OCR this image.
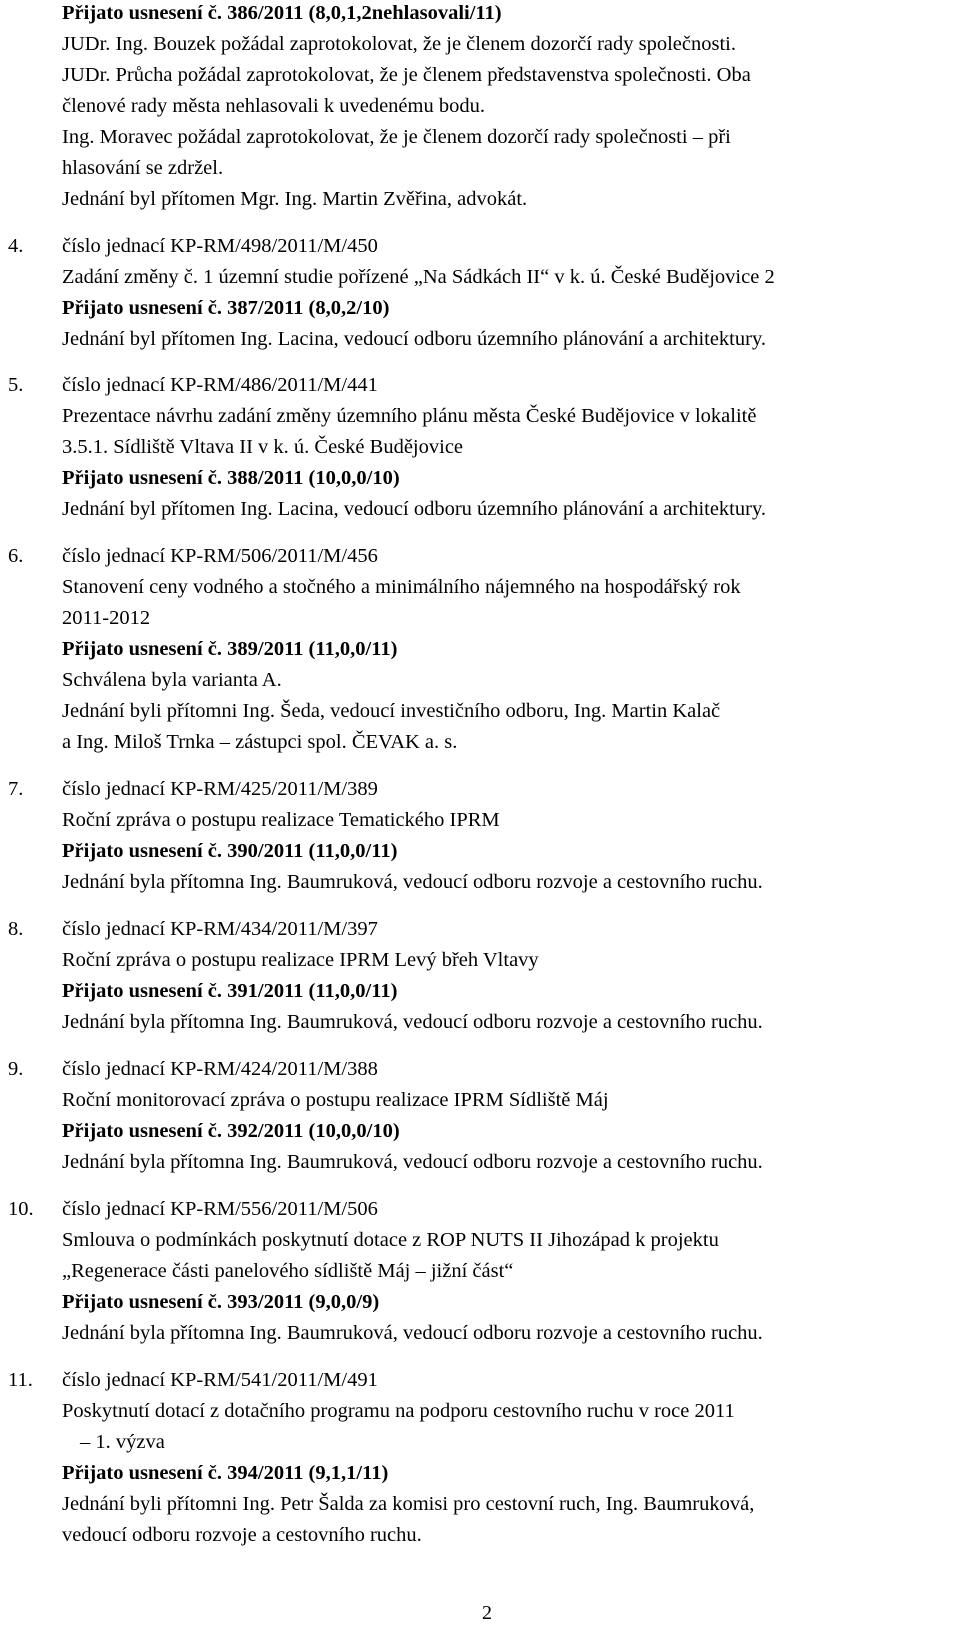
Přijato usnesení č. 386/2011 (8,0,1,2nehlasovali/11)
JUDr. Ing. Bouzek požádal zaprotokolovat, že je členem dozorčí rady společnosti.
JUDr. Průcha požádal zaprotokolovat, že je členem představenstva společnosti. Oba
členové rady města nehlasovali k uvedenému bodu.
Ing. Moravec požádal zaprotokolovat, že je členem dozorčí rady společnosti – při
hlasování se zdržel.
Jednání byl přítomen Mgr. Ing. Martin Zvěřina, advokát.
4. číslo jednací KP-RM/498/2011/M/450
Zadání změny č. 1 územní studie pořízené „Na Sádkách II“ v k. ú. České Budějovice 2
Přijato usnesení č. 387/2011 (8,0,2/10)
Jednání byl přítomen Ing. Lacina, vedoucí odboru územního plánování a architektury.
5. číslo jednací KP-RM/486/2011/M/441
Prezentace návrhu zadání změny územního plánu města České Budějovice v lokalitě
3.5.1. Sídliště Vltava II v k. ú. České Budějovice
Přijato usnesení č. 388/2011 (10,0,0/10)
Jednání byl přítomen Ing. Lacina, vedoucí odboru územního plánování a architektury.
6. číslo jednací KP-RM/506/2011/M/456
Stanovení ceny vodného a stočného a minimálního nájemného na hospodářský rok
2011-2012
Přijato usnesení č. 389/2011 (11,0,0/11)
Schválena byla varianta A.
Jednání byli přítomni Ing. Šeda, vedoucí investičního odboru, Ing. Martin Kalač
a Ing. Miloš Trnka – zástupci spol. ČEVAK a. s.
7. číslo jednací KP-RM/425/2011/M/389
Roční zpráva o postupu realizace Tematického IPRM
Přijato usnesení č. 390/2011 (11,0,0/11)
Jednání byla přítomna Ing. Baumruková, vedoucí odboru rozvoje a cestovního ruchu.
8. číslo jednací KP-RM/434/2011/M/397
Roční zpráva o postupu realizace IPRM Levý břeh Vltavy
Přijato usnesení č. 391/2011 (11,0,0/11)
Jednání byla přítomna Ing. Baumruková, vedoucí odboru rozvoje a cestovního ruchu.
9. číslo jednací KP-RM/424/2011/M/388
Roční monitorovací zpráva o postupu realizace IPRM Sídliště Máj
Přijato usnesení č. 392/2011 (10,0,0/10)
Jednání byla přítomna Ing. Baumruková, vedoucí odboru rozvoje a cestovního ruchu.
10. číslo jednací KP-RM/556/2011/M/506
Smlouva o podmínkách poskytnutí dotace z ROP NUTS II Jihozápad k projektu
„Regenerace části panelového sídliště Máj – jižní část“
Přijato usnesení č. 393/2011 (9,0,0/9)
Jednání byla přítomna Ing. Baumruková, vedoucí odboru rozvoje a cestovního ruchu.
11. číslo jednací KP-RM/541/2011/M/491
Poskytnutí dotací z dotačního programu na podporu cestovního ruchu v roce 2011
– 1. výzva
Přijato usnesení č. 394/2011 (9,1,1/11)
Jednání byli přítomni Ing. Petr Šalda za komisi pro cestovní ruch, Ing. Baumruková,
vedoucí odboru rozvoje a cestovního ruchu.
2
